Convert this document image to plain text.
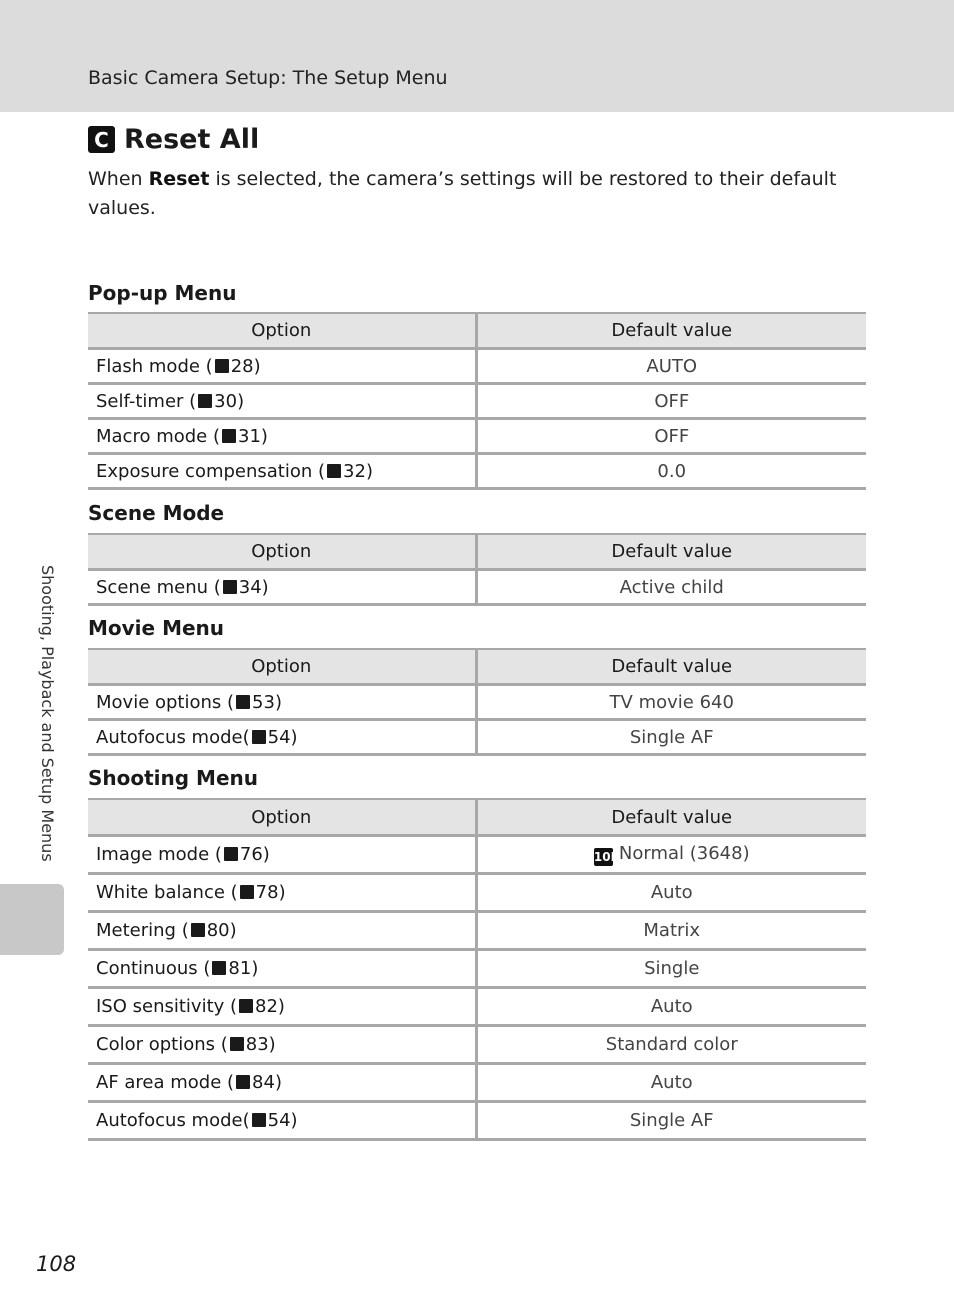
Basic Camera Setup: The Setup Menu
C Reset All

When Reset is selected, the camera’s settings will be restored to their default values.

Pop-up Menu
Option	Default value
Flash mode ( 28)	AUTO
Self-timer ( 30)	OFF
Macro mode ( 31)	OFF
Exposure compensation ( 32)	0.0
Scene Mode
Option	Default value
Scene menu ( 34)	Active child
Movie Menu
Option	Default value
Movie options ( 53)	TV movie 640
Autofocus mode( 54)	Single AF
Shooting Menu
Option	Default value
Image mode ( 76)	10MNormal (3648)
White balance ( 78)	Auto
Metering ( 80)	Matrix
Continuous ( 81)	Single
ISO sensitivity ( 82)	Auto
Color options ( 83)	Standard color
AF area mode ( 84)	Auto
Autofocus mode( 54)	Single AF
Shooting, Playback and Setup Menus
108
